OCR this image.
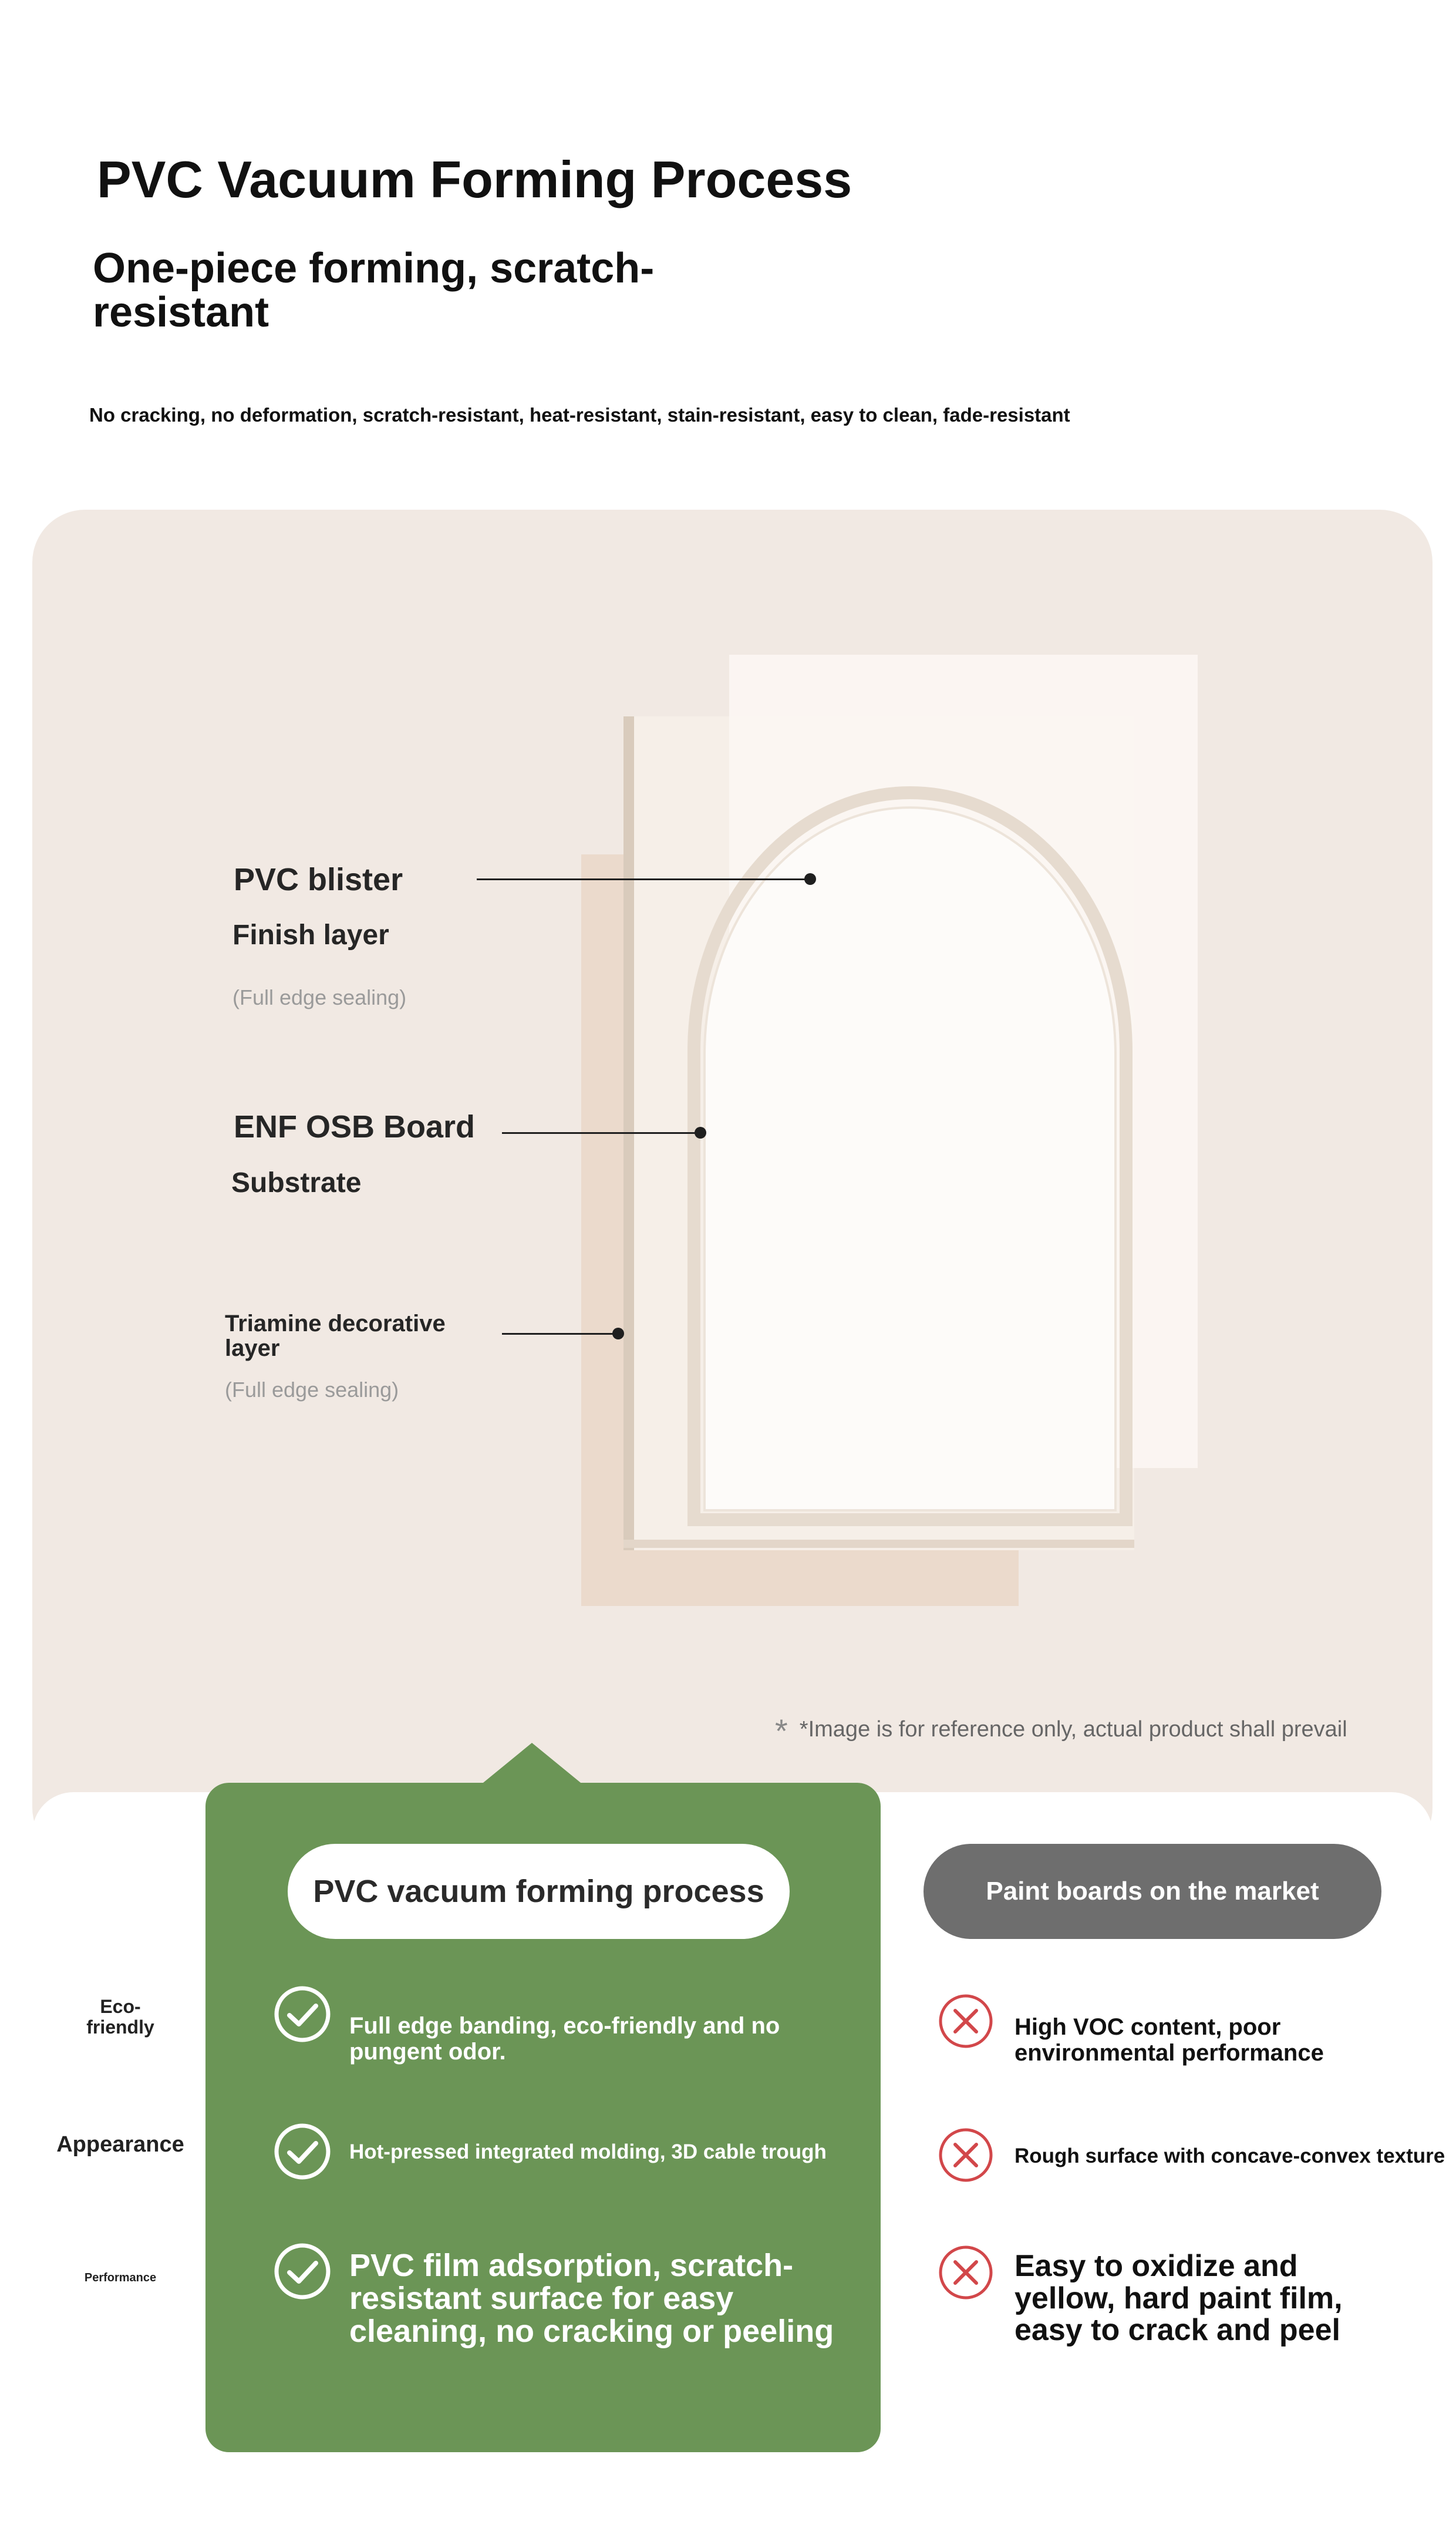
PVC Vacuum Forming Process
One-piece forming, scratch-resistant
No cracking, no deformation, scratch-resistant, heat-resistant, stain-resistant, easy to clean, fade-resistant
PVC blister
Finish layer
(Full edge sealing)
ENF OSB Board
Substrate
Triamine decorative layer
(Full edge sealing)
* *Image is for reference only, actual product shall prevail
PVC vacuum forming process	Paint boards on the market
Eco-friendly
Appearance
Performance
Full edge banding, eco-friendly and no pungent odor.
Hot-pressed integrated molding, 3D cable trough
PVC film adsorption, scratch-resistant surface for easy cleaning, no cracking or peeling
High VOC content, poor environmental performance
Rough surface with concave-convex texture
Easy to oxidize and yellow, hard paint film, easy to crack and peel
